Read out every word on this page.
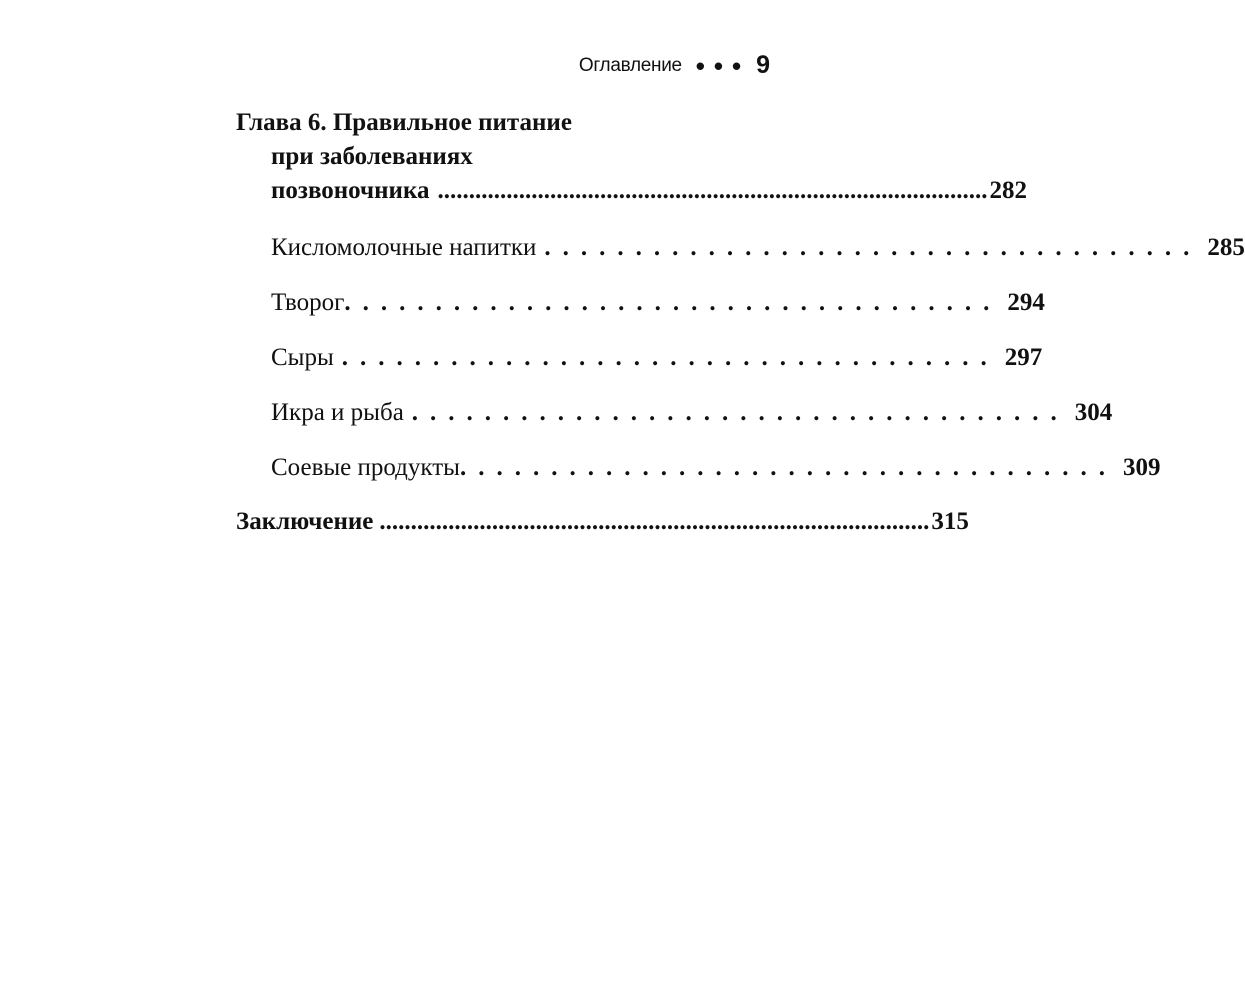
Оглавление ••• 9
Глава 6. Правильное питание
при заболеваниях
позвоночника ........................................................................................ 282
Кисломолочные напитки .................................... 285
Творог .................................... 294
Сыры .................................... 297
Икра и рыба .................................... 304
Соевые продукты .................................... 309
Заключение ........................................................................................ 315
